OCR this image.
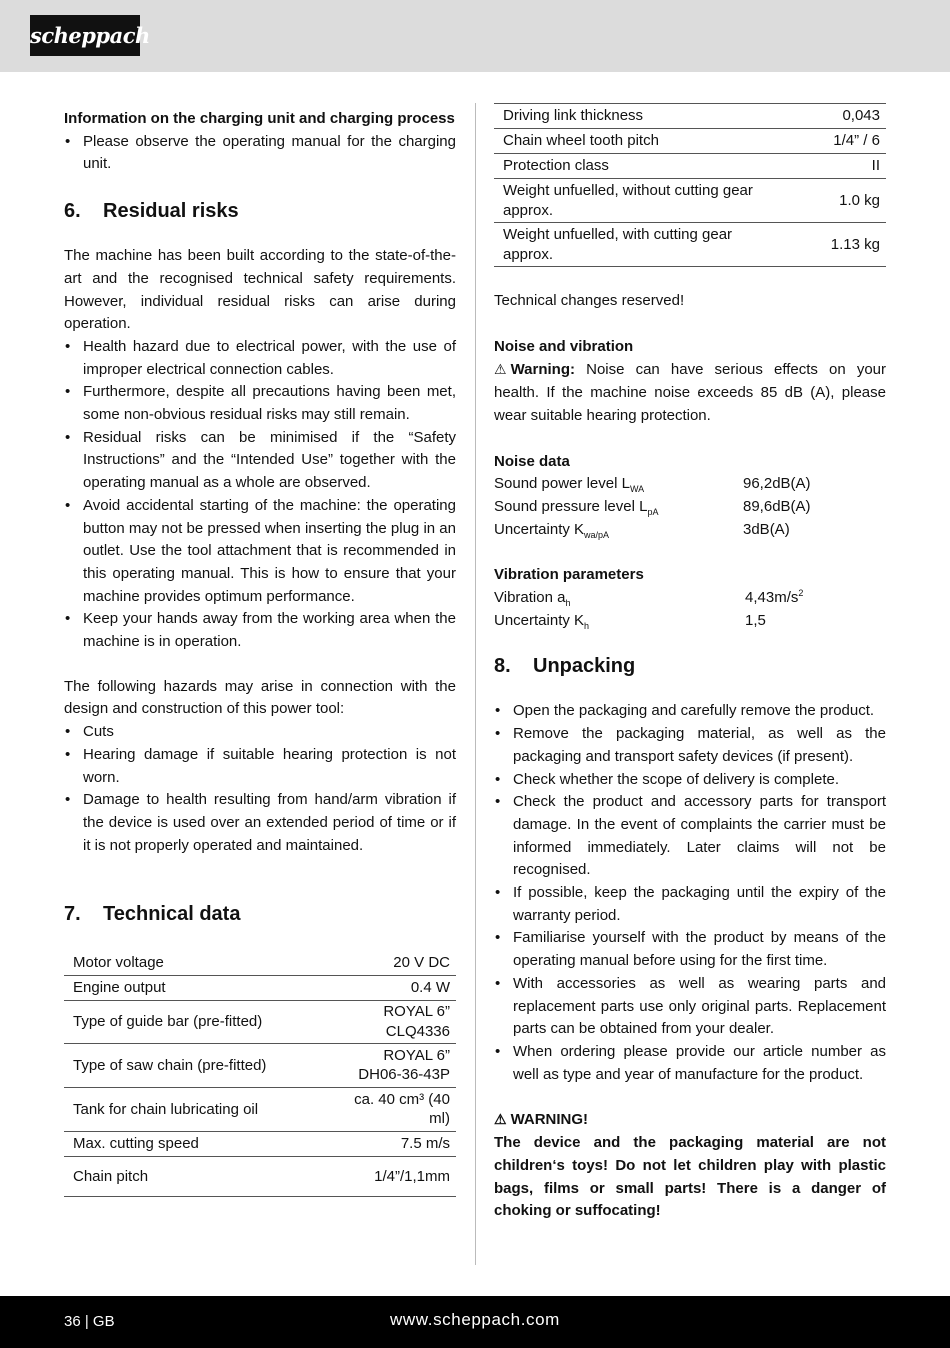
scheppach

Information on the charging unit and charging process

• Please observe the operating manual for the charging unit.
6.	Residual risks

The machine has been built according to the state-of-the-art and the recognised technical safety requirements. However, individual residual risks can arise during operation.

• Health hazard due to electrical power, with the use of improper electrical connection cables.
• Furthermore, despite all precautions having been met, some non-obvious residual risks may still remain.
• Residual risks can be minimised if the “Safety Instructions” and the “Intended Use” together with the operating manual as a whole are observed.
• Avoid accidental starting of the machine: the operating button may not be pressed when inserting the plug in an outlet. Use the tool attachment that is recommended in this operating manual. This is how to ensure that your machine provides optimum performance.
• Keep your hands away from the working area when the machine is in operation.

The following hazards may arise in connection with the design and construction of this power tool:

• Cuts
• Hearing damage if suitable hearing protection is not worn.
• Damage to health resulting from hand/arm vibration if the device is used over an extended period of time or if it is not properly operated and maintained.
7.	Technical data
Motor voltage	20 V DC
Engine output	0.4 W
Type of guide bar (pre-fitted)	ROYAL 6” CLQ4336
Type of saw chain (pre-fitted)	ROYAL 6” DH06-36-43P
Tank for chain lubricating oil	ca. 40 cm³ (40 ml)
Max. cutting speed	7.5 m/s
Chain pitch	1/4”/1,1mm
Driving link thickness	0,043
Chain wheel tooth pitch	1/4” / 6
Protection class	II
Weight unfuelled, without cutting gear approx.	1.0 kg
Weight unfuelled, with cutting gear approx.	1.13 kg

Technical changes reserved!

Noise and vibration

⚠ Warning: Noise can have serious effects on your health. If the machine noise exceeds 85 dB (A), please wear suitable hearing protection.

Noise data

Sound power level $L_{WA}$	96,2dB(A)
Sound pressure level $L_{pA}$	89,6dB(A)
Uncertainty $K_{wa/pA}$	3dB(A)

Vibration parameters

Vibration $a_h$	$4,43m/s^2$
Uncertainty $K_h$	1,5
8.	Unpacking
• Open the packaging and carefully remove the product.
• Remove the packaging material, as well as the packaging and transport safety devices (if present).
• Check whether the scope of delivery is complete.
• Check the product and accessory parts for transport damage. In the event of complaints the carrier must be informed immediately. Later claims will not be recognised.
• If possible, keep the packaging until the expiry of the warranty period.
• Familiarise yourself with the product by means of the operating manual before using for the first time.
• With accessories as well as wearing parts and replacement parts use only original parts. Replacement parts can be obtained from your dealer.
• When ordering please provide our article number as well as type and year of manufacture for the product.

⚠ WARNING!

The device and the packaging material are not children‘s toys! Do not let children play with plastic bags, films or small parts! There is a danger of choking or suffocating!

36 | GB	www.scheppach.com
